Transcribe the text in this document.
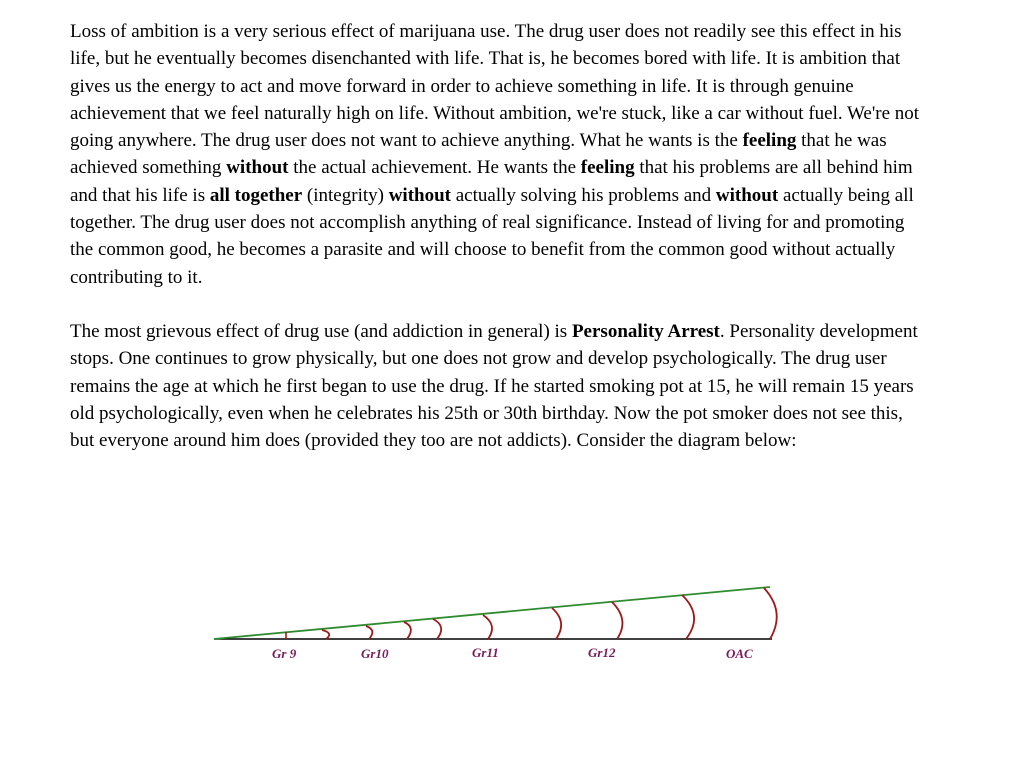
Loss of ambition is a very serious effect of marijuana use. The drug user does not readily see this effect in his life, but he eventually becomes disenchanted with life. That is, he becomes bored with life. It is ambition that gives us the energy to act and move forward in order to achieve something in life. It is through genuine achievement that we feel naturally high on life. Without ambition, we're stuck, like a car without fuel. We're not going anywhere. The drug user does not want to achieve anything. What he wants is the feeling that he was achieved something without the actual achievement. He wants the feeling that his problems are all behind him and that his life is all together (integrity) without actually solving his problems and without actually being all together. The drug user does not accomplish anything of real significance. Instead of living for and promoting the common good, he becomes a parasite and will choose to benefit from the common good without actually contributing to it.

The most grievous effect of drug use (and addiction in general) is Personality Arrest. Personality development stops. One continues to grow physically, but one does not grow and develop psychologically. The drug user remains the age at which he first began to use the drug. If he started smoking pot at 15, he will remain 15 years old psychologically, even when he celebrates his 25th or 30th birthday. Now the pot smoker does not see this, but everyone around him does (provided they too are not addicts). Consider the diagram below:

Gr 9	Gr10	Gr11	Gr12	OAC
